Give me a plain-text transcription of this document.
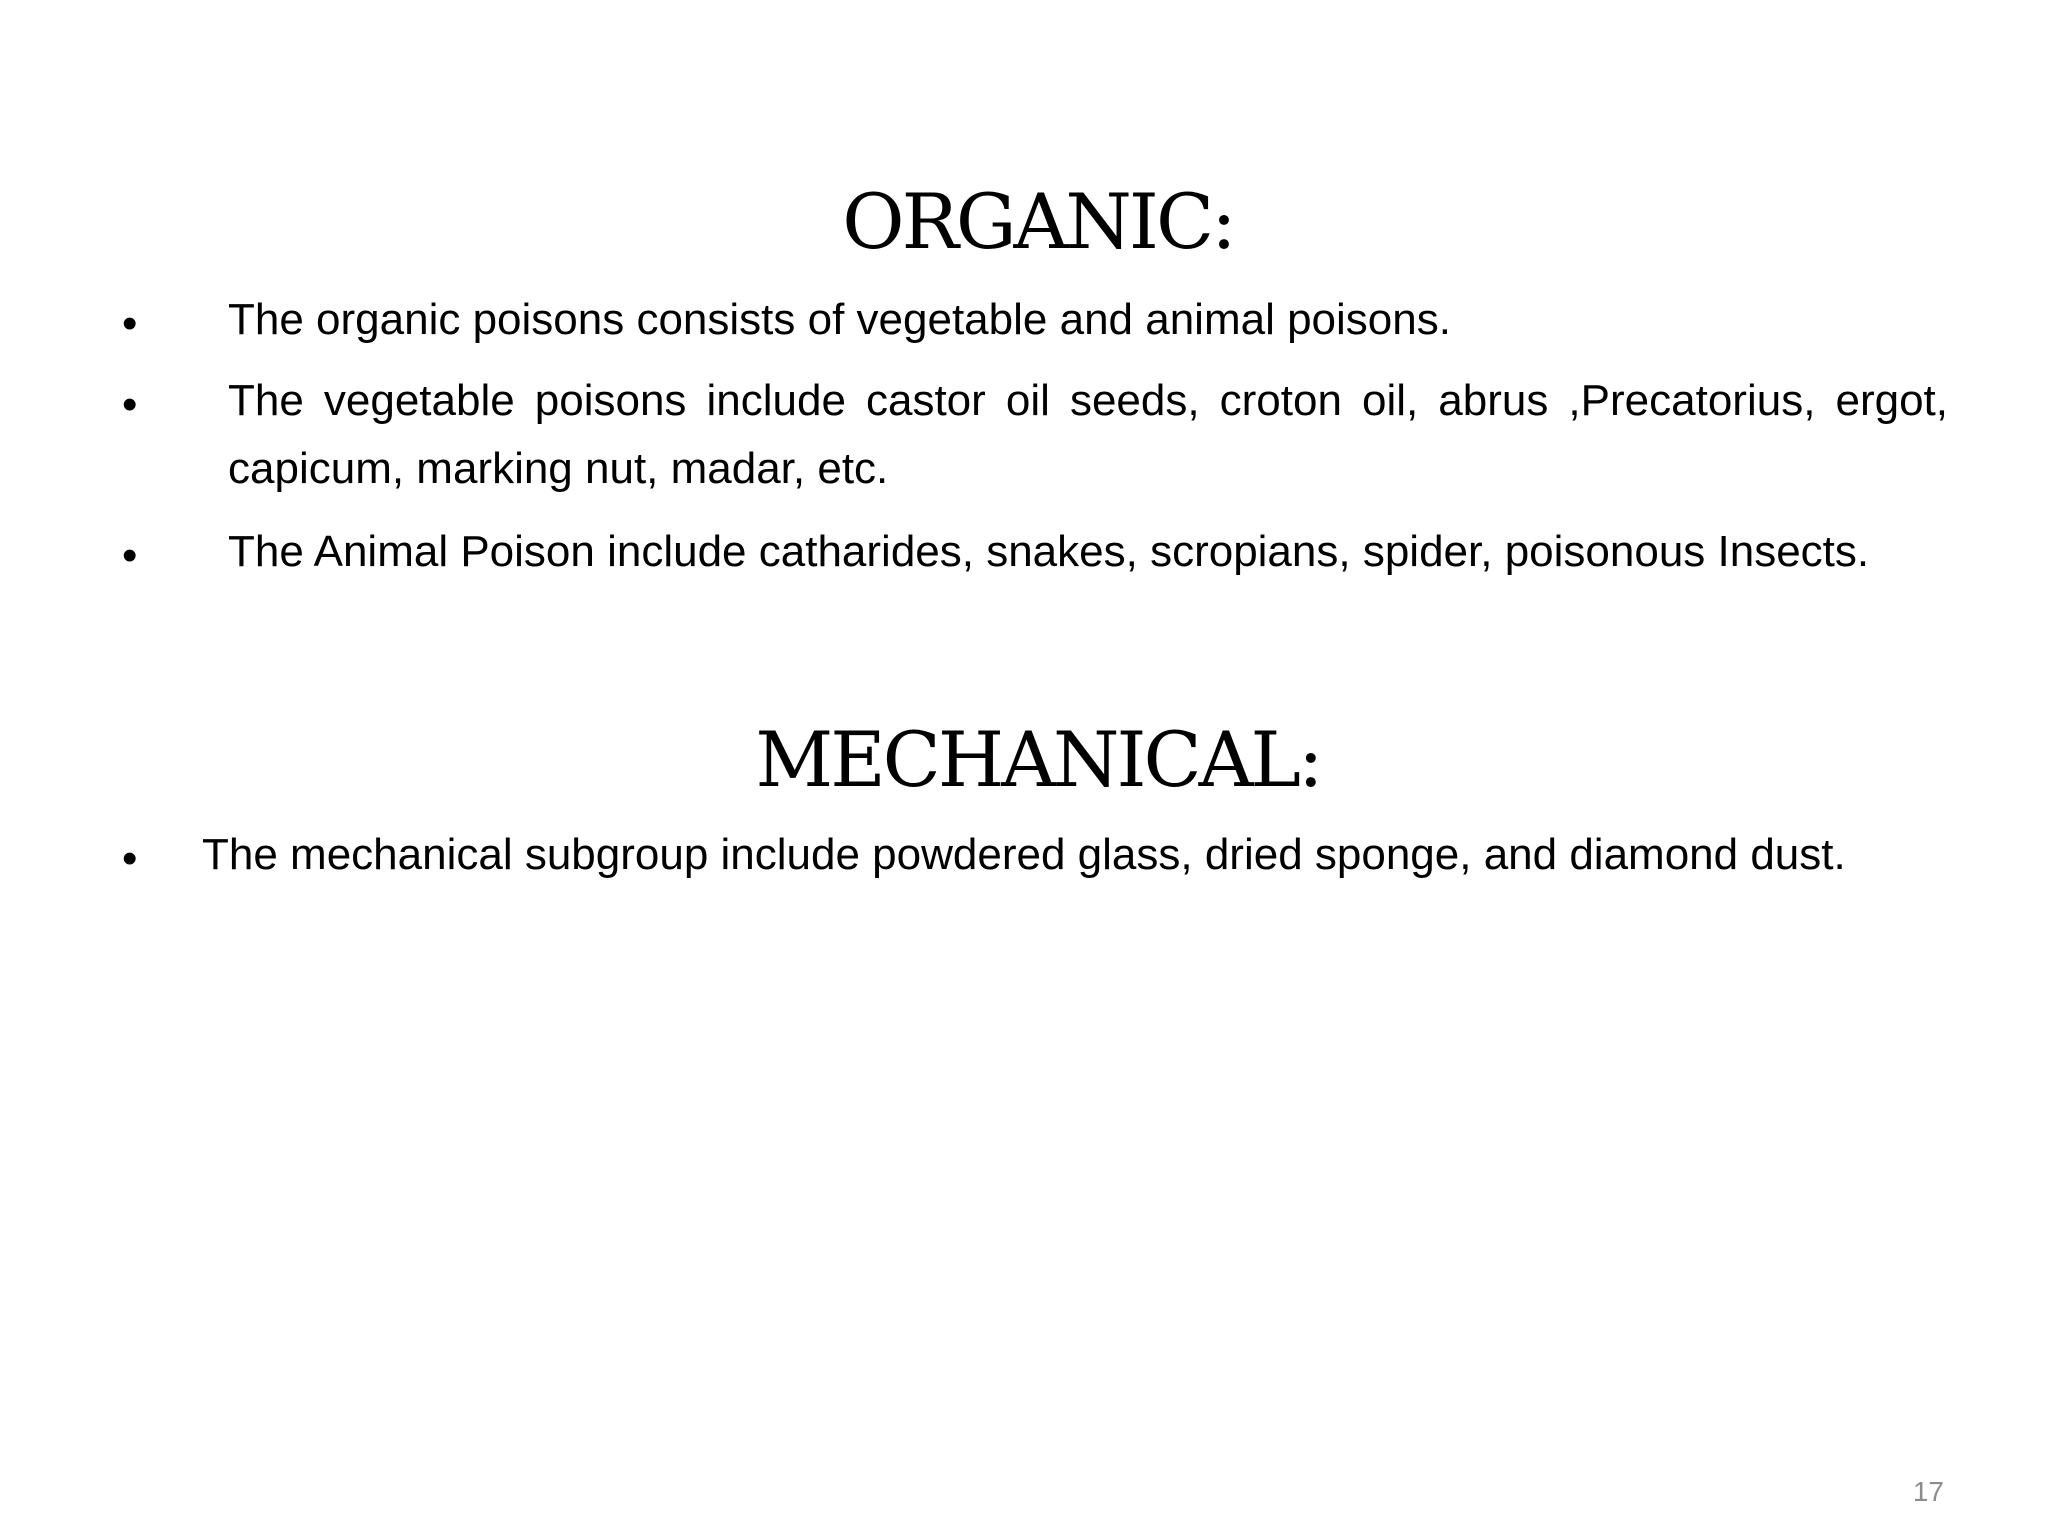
ORGANIC:
• The organic poisons consists of vegetable and animal poisons.
• The vegetable poisons include castor oil seeds, croton oil, abrus ,Precatorius, ergot, capicum, marking nut, madar, etc.
• The Animal Poison include catharides, snakes, scropians, spider, poisonous Insects.
MECHANICAL:
• The mechanical subgroup include powdered glass, dried sponge, and diamond dust.
17
